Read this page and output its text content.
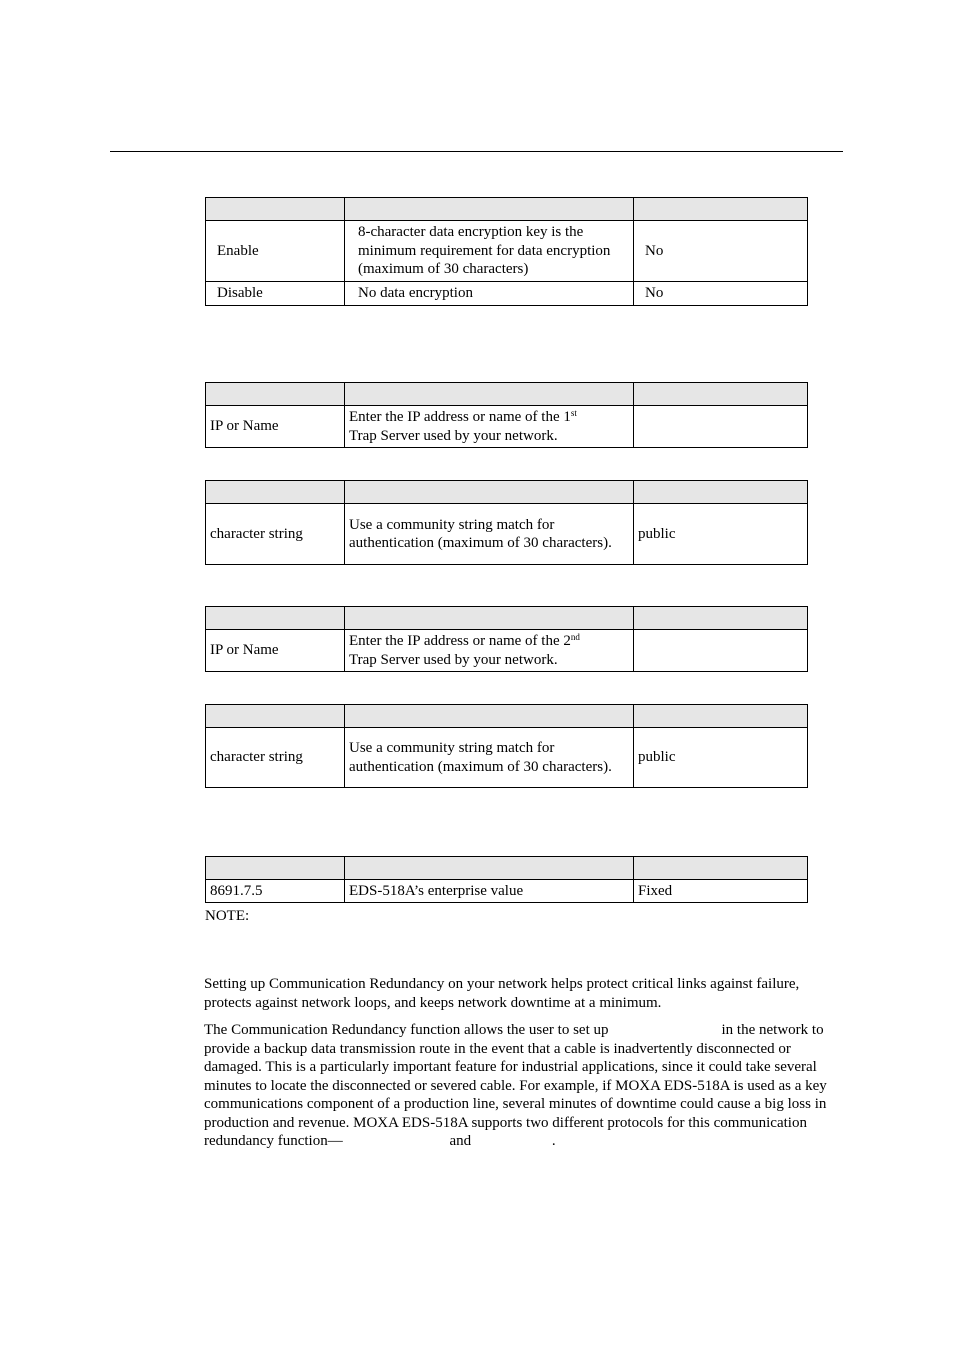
Enable	8-character data encryption key is the minimum requirement for data encryption (maximum of 30 characters)	No
Disable	No data encryption	No

IP or Name	Enter the IP address or name of the 1st
Trap Server used by your network.	

character string	Use a community string match for authentication (maximum of 30 characters).	public

IP or Name	Enter the IP address or name of the 2nd
Trap Server used by your network.	

character string	Use a community string match for authentication (maximum of 30 characters).	public

8691.7.5	EDS-518A’s enterprise value	Fixed
NOTE:

Setting up Communication Redundancy on your network helps protect critical links against failure, protects against network loops, and keeps network downtime at a minimum.

The Communication Redundancy function allows the user to set up	in the network to provide a backup data transmission route in the event that a cable is inadvertently disconnected or damaged. This is a particularly important feature for industrial applications, since it could take several minutes to locate the disconnected or severed cable. For example, if MOXA EDS-518A is used as a key communications component of a production line, several minutes of downtime could cause a big loss in production and revenue. MOXA EDS-518A supports two different protocols for this communication redundancy function—	and	.
